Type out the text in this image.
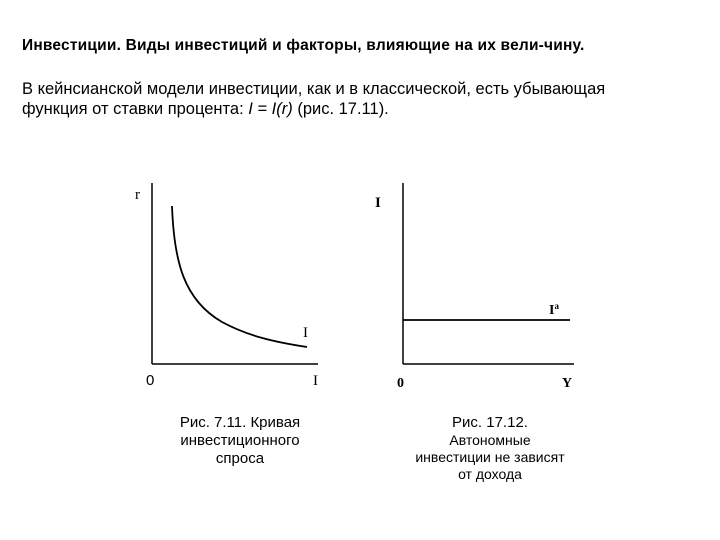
Инвестиции. Виды инвестиций и факторы, влияющие на их вели-чину.
В кейнсианской модели инвестиции, как и в классической, есть убывающая
функция от ставки процента: I = I(r) (рис. 17.11).
r
I
0	I
I
$I^a$
0	Y
Рис. 7.11. Кривая
инвестиционного
спроса
Рис. 17.12.
Автономные
инвестиции не зависят
от дохода
